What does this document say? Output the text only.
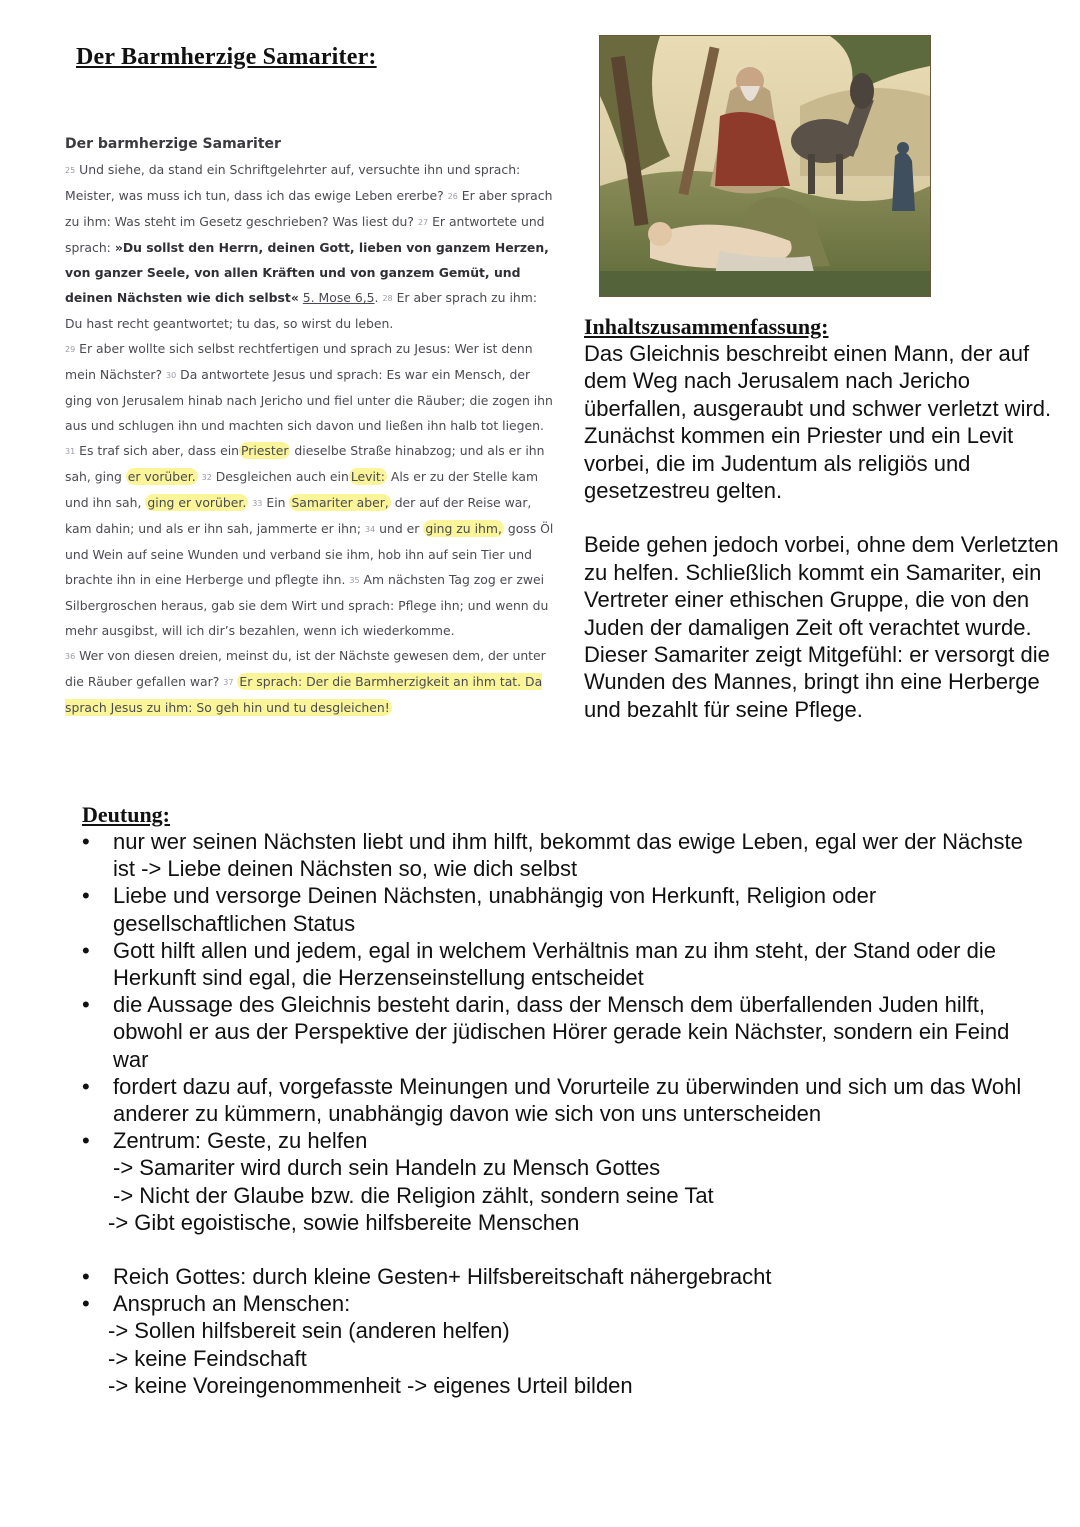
Der Barmherzige Samariter:

Der barmherzige Samariter

25 Und siehe, da stand ein Schriftgelehrter auf, versuchte ihn und sprach: Meister, was muss ich tun, dass ich das ewige Leben ererbe? 26 Er aber sprach zu ihm: Was steht im Gesetz geschrieben? Was liest du? 27 Er antwortete und sprach: »Du sollst den Herrn, deinen Gott, lieben von ganzem Herzen, von ganzer Seele, von allen Kräften und von ganzem Gemüt, und deinen Nächsten wie dich selbst« 5. Mose 6,5. 28 Er aber sprach zu ihm: Du hast recht geantwortet; tu das, so wirst du leben.

29 Er aber wollte sich selbst rechtfertigen und sprach zu Jesus: Wer ist denn mein Nächster? 30 Da antwortete Jesus und sprach: Es war ein Mensch, der ging von Jerusalem hinab nach Jericho und fiel unter die Räuber; die zogen ihn aus und schlugen ihn und machten sich davon und ließen ihn halb tot liegen.

31 Es traf sich aber, dass ein Priester dieselbe Straße hinabzog; und als er ihn sah, ging er vorüber. 32 Desgleichen auch ein Levit: Als er zu der Stelle kam und ihn sah, ging er vorüber. 33 Ein Samariter aber, der auf der Reise war, kam dahin; und als er ihn sah, jammerte er ihn; 34 und er ging zu ihm, goss Öl und Wein auf seine Wunden und verband sie ihm, hob ihn auf sein Tier und brachte ihn in eine Herberge und pflegte ihn. 35 Am nächsten Tag zog er zwei Silbergroschen heraus, gab sie dem Wirt und sprach: Pflege ihn; und wenn du mehr ausgibst, will ich dir’s bezahlen, wenn ich wiederkomme.

36 Wer von diesen dreien, meinst du, ist der Nächste gewesen dem, der unter die Räuber gefallen war? 37 Er sprach: Der die Barmherzigkeit an ihm tat. Da sprach Jesus zu ihm: So geh hin und tu desgleichen!

Inhaltszusammenfassung:

Das Gleichnis beschreibt einen Mann, der auf dem Weg nach Jerusalem nach Jericho überfallen, ausgeraubt und schwer verletzt wird. Zunächst kommen ein Priester und ein Levit vorbei, die im Judentum als religiös und gesetzestreu gelten.

Beide gehen jedoch vorbei, ohne dem Verletzten zu helfen. Schließlich kommt ein Samariter, ein Vertreter einer ethischen Gruppe, die von den Juden der damaligen Zeit oft verachtet wurde. Dieser Samariter zeigt Mitgefühl: er versorgt die Wunden des Mannes, bringt ihn eine Herberge und bezahlt für seine Pflege.

Deutung:
• nur wer seinen Nächsten liebt und ihm hilft, bekommt das ewige Leben, egal wer der Nächste ist -> Liebe deinen Nächsten so, wie dich selbst
• Liebe und versorge Deinen Nächsten, unabhängig von Herkunft, Religion oder gesellschaftlichen Status
• Gott hilft allen und jedem, egal in welchem Verhältnis man zu ihm steht, der Stand oder die Herkunft sind egal, die Herzenseinstellung entscheidet
• die Aussage des Gleichnis besteht darin, dass der Mensch dem überfallenden Juden hilft, obwohl er aus der Perspektive der jüdischen Hörer gerade kein Nächster, sondern ein Feind war
• fordert dazu auf, vorgefasste Meinungen und Vorurteile zu überwinden und sich um das Wohl anderer zu kümmern, unabhängig davon wie sich von uns unterscheiden
• Zentrum: Geste, zu helfen
-> Samariter wird durch sein Handeln zu Mensch Gottes
-> Nicht der Glaube bzw. die Religion zählt, sondern seine Tat
-> Gibt egoistische, sowie hilfsbereite Menschen
• Reich Gottes: durch kleine Gesten+ Hilfsbereitschaft nähergebracht
• Anspruch an Menschen:
-> Sollen hilfsbereit sein (anderen helfen)
-> keine Feindschaft
-> keine Voreingenommenheit -> eigenes Urteil bilden
